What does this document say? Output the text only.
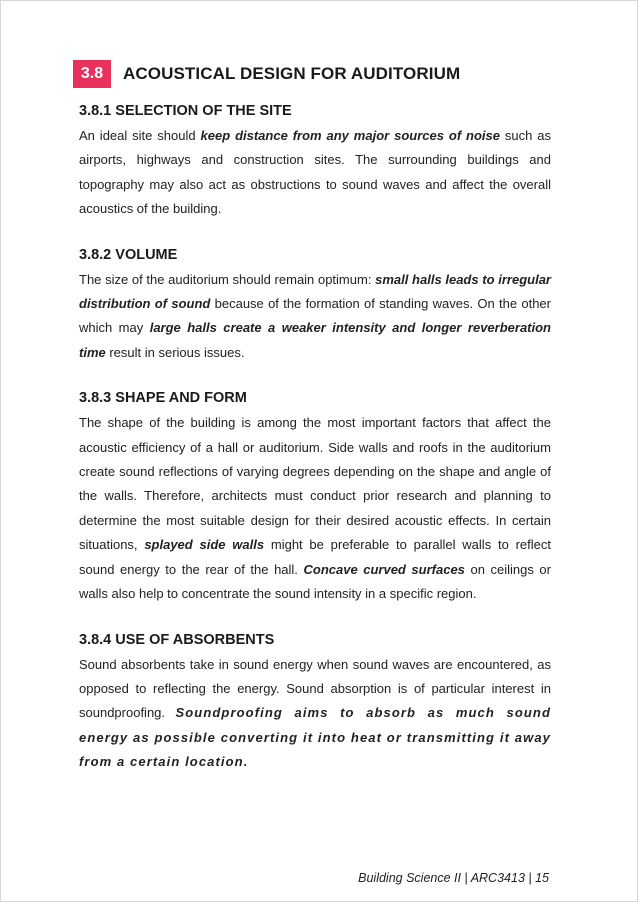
3.8	ACOUSTICAL DESIGN FOR AUDITORIUM
3.8.1 SELECTION OF THE SITE

An ideal site should keep distance from any major sources of noise such as airports, highways and construction sites. The surrounding buildings and topography may also act as obstructions to sound waves and affect the overall acoustics of the building.

3.8.2 VOLUME

The size of the auditorium should remain optimum: small halls leads to irregular distribution of sound because of the formation of standing waves. On the other which may large halls create a weaker intensity and longer reverberation time result in serious issues.

3.8.3 SHAPE AND FORM

The shape of the building is among the most important factors that affect the acoustic efficiency of a hall or auditorium. Side walls and roofs in the auditorium create sound reflections of varying degrees depending on the shape and angle of the walls. Therefore, architects must conduct prior research and planning to determine the most suitable design for their desired acoustic effects. In certain situations, splayed side walls might be preferable to parallel walls to reflect sound energy to the rear of the hall. Concave curved surfaces on ceilings or walls also help to concentrate the sound intensity in a specific region.

3.8.4 USE OF ABSORBENTS

Sound absorbents take in sound energy when sound waves are encountered, as opposed to reflecting the energy. Sound absorption is of particular interest in soundproofing. Soundproofing aims to absorb as much sound energy as possible converting it into heat or transmitting it away from a certain location.

Building Science II | ARC3413 | 15
